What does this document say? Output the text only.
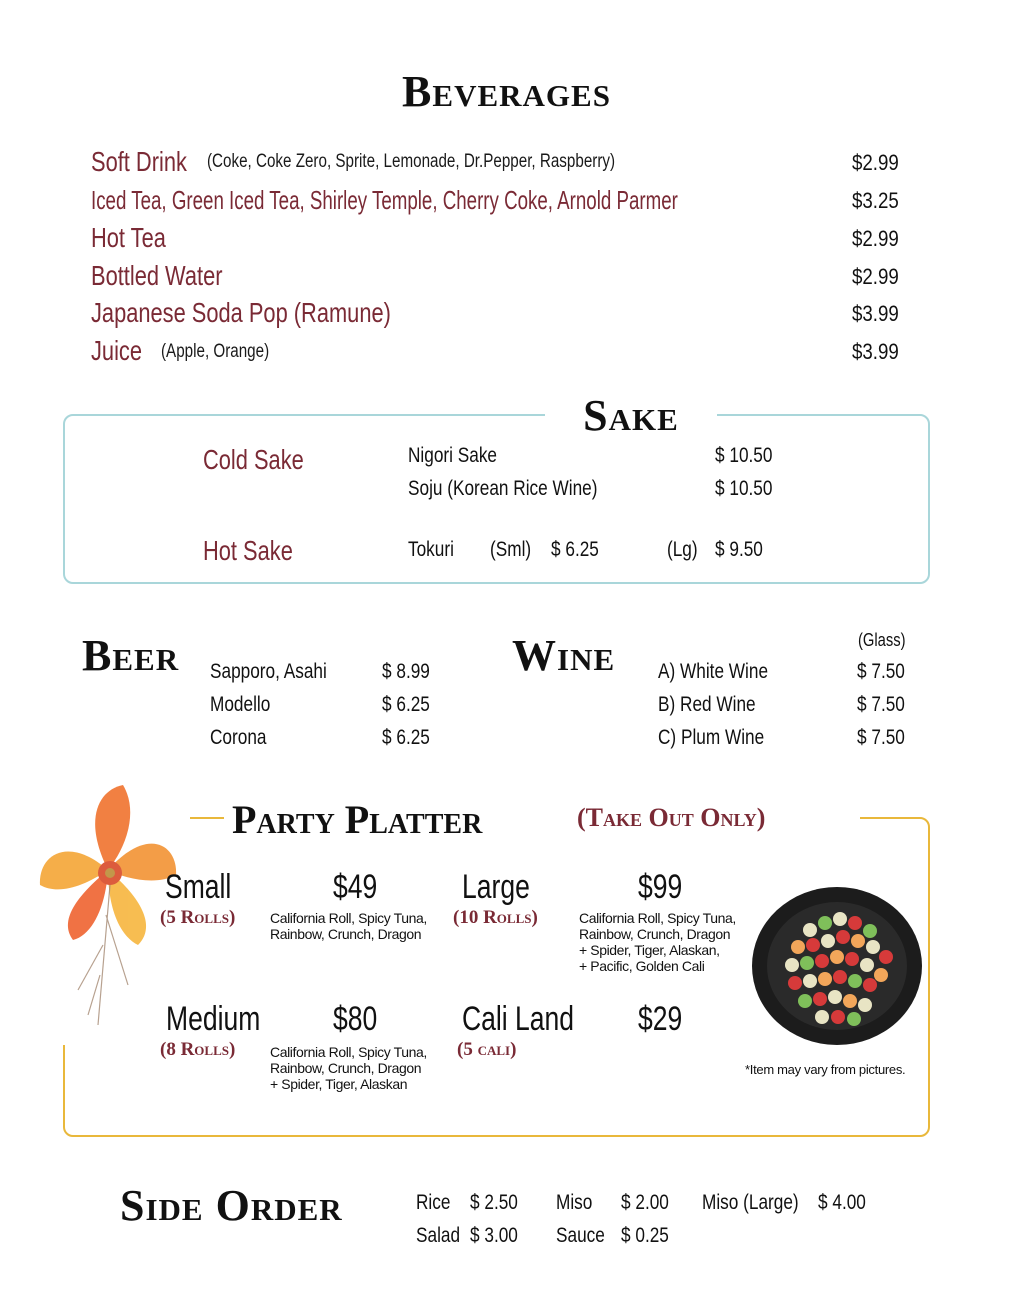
Beverages
Soft Drink	(Coke, Coke Zero, Sprite, Lemonade, Dr.Pepper, Raspberry)	$2.99
Iced Tea, Green Iced Tea, Shirley Temple, Cherry Coke, Arnold Parmer	$3.25
Hot Tea	$2.99
Bottled Water	$2.99
Japanese Soda Pop (Ramune)	$3.99
Juice	(Apple, Orange)	$3.99
Sake
Cold Sake	Nigori Sake	$ 10.50
Soju (Korean Rice Wine)	$ 10.50
Hot Sake	Tokuri	(Sml) $ 6.25	(Lg) $ 9.50
Beer Sapporo, Asahi	$ 8.99
Modello	$ 6.25
Corona	$ 6.25
Wine	(Glass)
A) White Wine	$ 7.50
B) Red Wine	$ 7.50
C) Plum Wine	$ 7.50
Party Platter	(Take Out Only)
Small	$49
(5 Rolls) California Roll, Spicy Tuna,
Rainbow, Crunch, Dragon
Large	$99
(10 Rolls)	California Roll, Spicy Tuna,
Rainbow, Crunch, Dragon
+ Spider, Tiger, Alaskan,
+ Pacific, Golden Cali
Medium	$80
(8 Rolls) California Roll, Spicy Tuna,
Rainbow, Crunch, Dragon
+ Spider, Tiger, Alaskan
Cali Land	$29
(5 cali)
*Item may vary from pictures.
Side Order	Rice $ 2.50	Miso	$ 2.00	Miso (Large) $ 4.00
Salad $ 3.00	Sauce $ 0.25
